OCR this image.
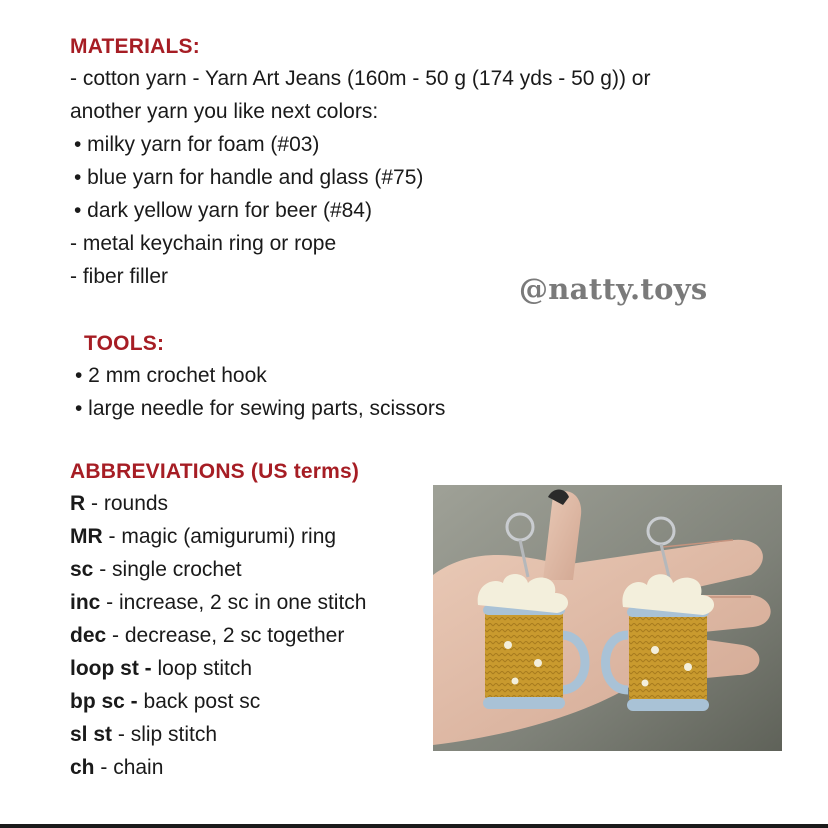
MATERIALS:
- cotton yarn - Yarn Art Jeans (160m - 50 g (174 yds - 50 g)) or
another yarn you like next colors:
• milky yarn for foam (#03)
• blue yarn for handle and glass (#75)
• dark yellow yarn for beer (#84)
- metal keychain ring or rope
- fiber filler	@natty.toys
TOOLS:
• 2 mm crochet hook
• large needle for sewing parts, scissors
ABBREVIATIONS (US terms)
R - rounds
MR - magic (amigurumi) ring
sc - single crochet
inc - increase, 2 sc in one stitch
dec - decrease, 2 sc together
loop st - loop stitch
bp sc - back post sc
sl st - slip stitch
ch - chain
